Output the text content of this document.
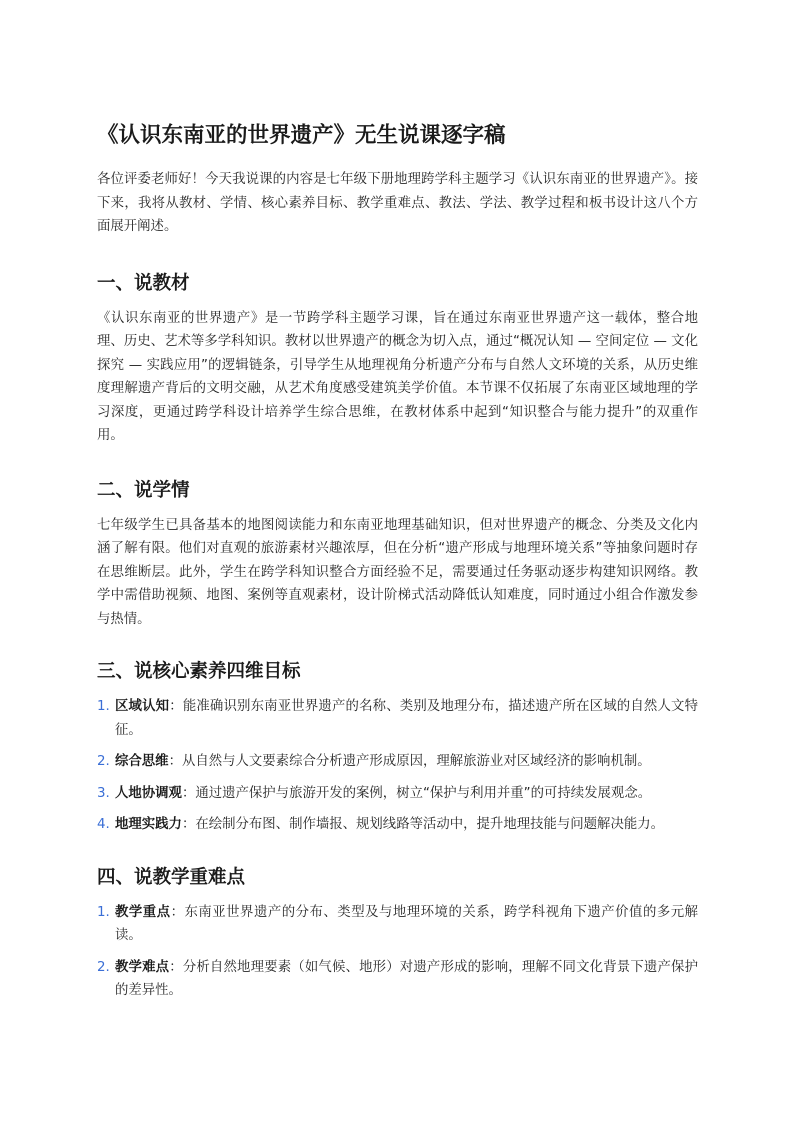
《认识东南亚的世界遗产》无生说课逐字稿

各位评委老师好！今天我说课的内容是七年级下册地理跨学科主题学习《认识东南亚的世界遗产》。接下来，我将从教材、学情、核心素养目标、教学重难点、教法、学法、教学过程和板书设计这八个方面展开阐述。

一、说教材

《认识东南亚的世界遗产》是一节跨学科主题学习课，旨在通过东南亚世界遗产这一载体，整合地理、历史、艺术等多学科知识。教材以世界遗产的概念为切入点，通过“概况认知 — 空间定位 — 文化探究 — 实践应用”的逻辑链条，引导学生从地理视角分析遗产分布与自然人文环境的关系，从历史维度理解遗产背后的文明交融，从艺术角度感受建筑美学价值。本节课不仅拓展了东南亚区域地理的学习深度，更通过跨学科设计培养学生综合思维，在教材体系中起到“知识整合与能力提升”的双重作用。

二、说学情

七年级学生已具备基本的地图阅读能力和东南亚地理基础知识，但对世界遗产的概念、分类及文化内涵了解有限。他们对直观的旅游素材兴趣浓厚，但在分析“遗产形成与地理环境关系”等抽象问题时存在思维断层。此外，学生在跨学科知识整合方面经验不足，需要通过任务驱动逐步构建知识网络。教学中需借助视频、地图、案例等直观素材，设计阶梯式活动降低认知难度，同时通过小组合作激发参与热情。

三、说核心素养四维目标
1. 区域认知：能准确识别东南亚世界遗产的名称、类别及地理分布，描述遗产所在区域的自然人文特征。
2. 综合思维：从自然与人文要素综合分析遗产形成原因，理解旅游业对区域经济的影响机制。
3. 人地协调观：通过遗产保护与旅游开发的案例，树立“保护与利用并重”的可持续发展观念。
4. 地理实践力：在绘制分布图、制作墙报、规划线路等活动中，提升地理技能与问题解决能力。
四、说教学重难点
1. 教学重点：东南亚世界遗产的分布、类型及与地理环境的关系，跨学科视角下遗产价值的多元解读。
2. 教学难点：分析自然地理要素（如气候、地形）对遗产形成的影响，理解不同文化背景下遗产保护的差异性。
